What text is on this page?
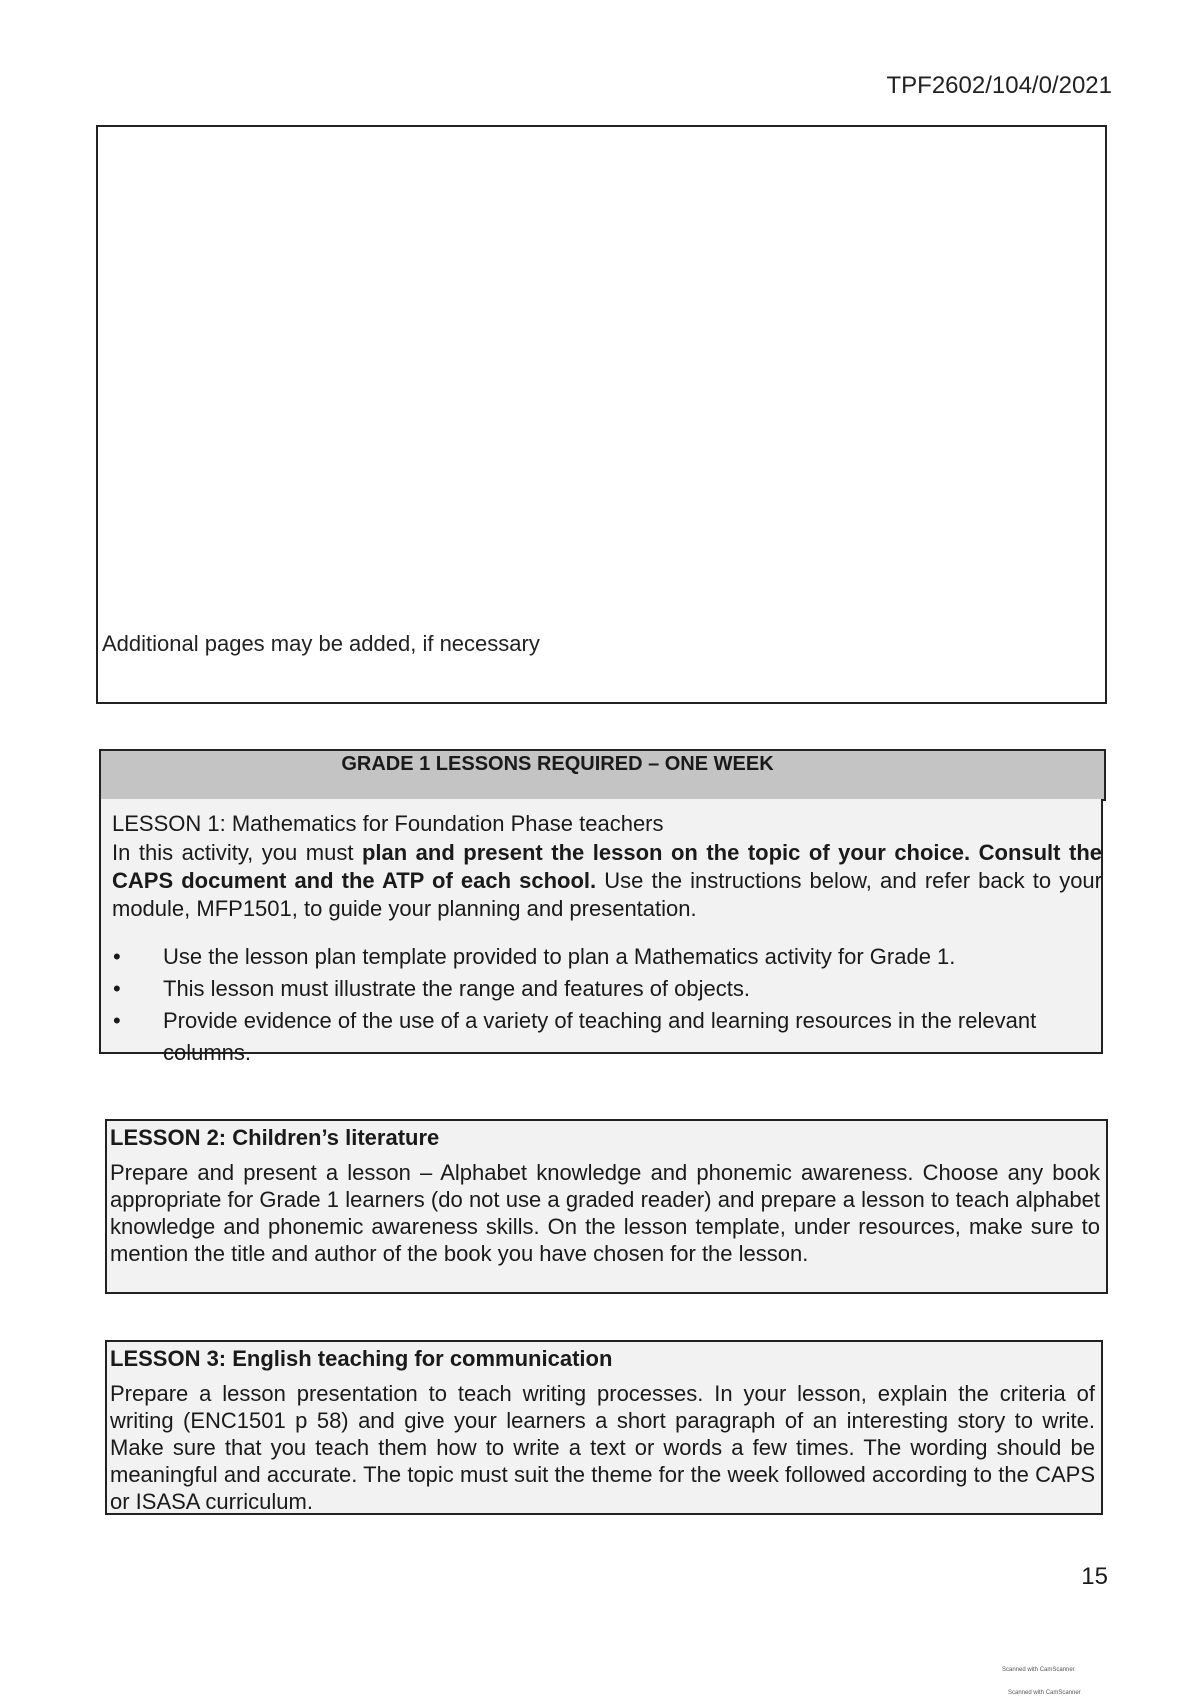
TPF2602/104/0/2021
Additional pages may be added, if necessary
GRADE 1 LESSONS REQUIRED – ONE WEEK
LESSON 1: Mathematics for Foundation Phase teachers
In this activity, you must plan and present the lesson on the topic of your choice. Consult the CAPS document and the ATP of each school. Use the instructions below, and refer back to your module, MFP1501, to guide your planning and presentation.
• Use the lesson plan template provided to plan a Mathematics activity for Grade 1.
• This lesson must illustrate the range and features of objects.
• Provide evidence of the use of a variety of teaching and learning resources in the relevant columns.
LESSON 2: Children’s literature
Prepare and present a lesson – Alphabet knowledge and phonemic awareness. Choose any book appropriate for Grade 1 learners (do not use a graded reader) and prepare a lesson to teach alphabet knowledge and phonemic awareness skills. On the lesson template, under resources, make sure to mention the title and author of the book you have chosen for the lesson.
LESSON 3: English teaching for communication
Prepare a lesson presentation to teach writing processes. In your lesson, explain the criteria of writing (ENC1501 p 58) and give your learners a short paragraph of an interesting story to write. Make sure that you teach them how to write a text or words a few times. The wording should be meaningful and accurate. The topic must suit the theme for the week followed according to the CAPS or ISASA curriculum.
15
Scanned with CamScanner
Scanned with CamScanner
